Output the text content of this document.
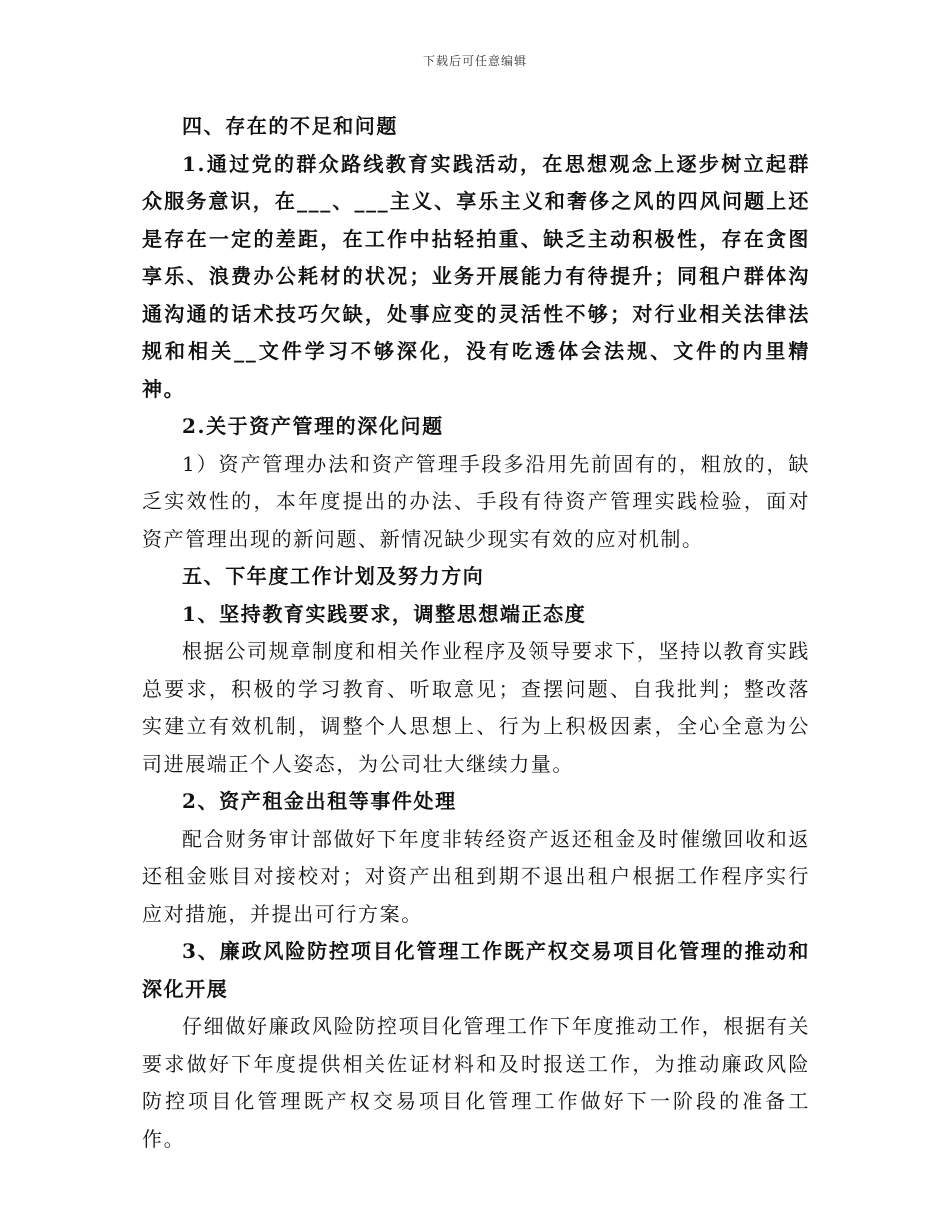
下载后可任意编辑

四、存在的不足和问题

1.通过党的群众路线教育实践活动，在思想观念上逐步树立起群众服务意识，在___、___主义、享乐主义和奢侈之风的四风问题上还是存在一定的差距，在工作中拈轻拍重、缺乏主动积极性，存在贪图享乐、浪费办公耗材的状况；业务开展能力有待提升；同租户群体沟通沟通的话术技巧欠缺，处事应变的灵活性不够；对行业相关法律法规和相关__文件学习不够深化，没有吃透体会法规、文件的内里精神。

2.关于资产管理的深化问题

1）资产管理办法和资产管理手段多沿用先前固有的，粗放的，缺乏实效性的，本年度提出的办法、手段有待资产管理实践检验，面对资产管理出现的新问题、新情况缺少现实有效的应对机制。

五、下年度工作计划及努力方向

1、坚持教育实践要求，调整思想端正态度

根据公司规章制度和相关作业程序及领导要求下，坚持以教育实践总要求，积极的学习教育、听取意见；查摆问题、自我批判；整改落实建立有效机制，调整个人思想上、行为上积极因素，全心全意为公司进展端正个人姿态，为公司壮大继续力量。

2、资产租金出租等事件处理

配合财务审计部做好下年度非转经资产返还租金及时催缴回收和返还租金账目对接校对；对资产出租到期不退出租户根据工作程序实行应对措施，并提出可行方案。

3、廉政风险防控项目化管理工作既产权交易项目化管理的推动和深化开展

仔细做好廉政风险防控项目化管理工作下年度推动工作，根据有关要求做好下年度提供相关佐证材料和及时报送工作，为推动廉政风险防控项目化管理既产权交易项目化管理工作做好下一阶段的准备工作。
